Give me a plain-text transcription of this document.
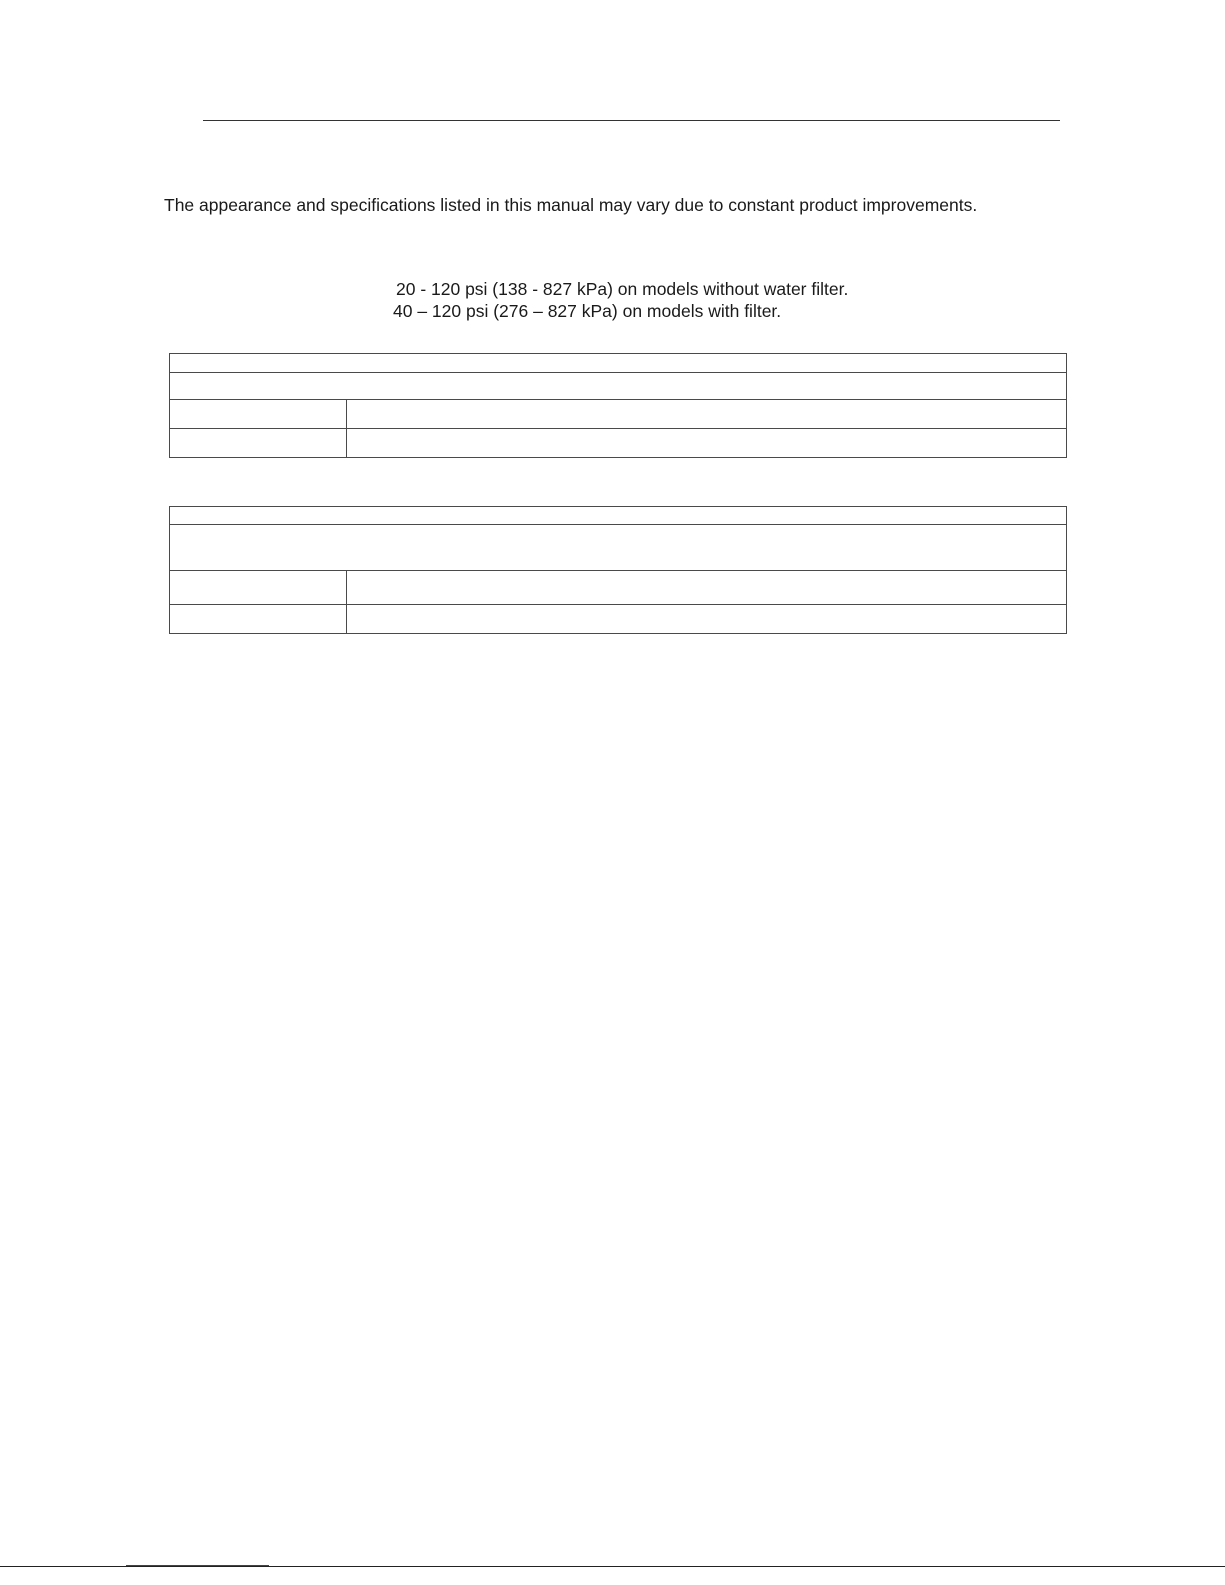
The appearance and specifications listed in this manual may vary due to constant product improvements.

20 - 120 psi (138 - 827 kPa) on models without water filter.

40 – 120 psi (276 – 827 kPa) on models with filter.
